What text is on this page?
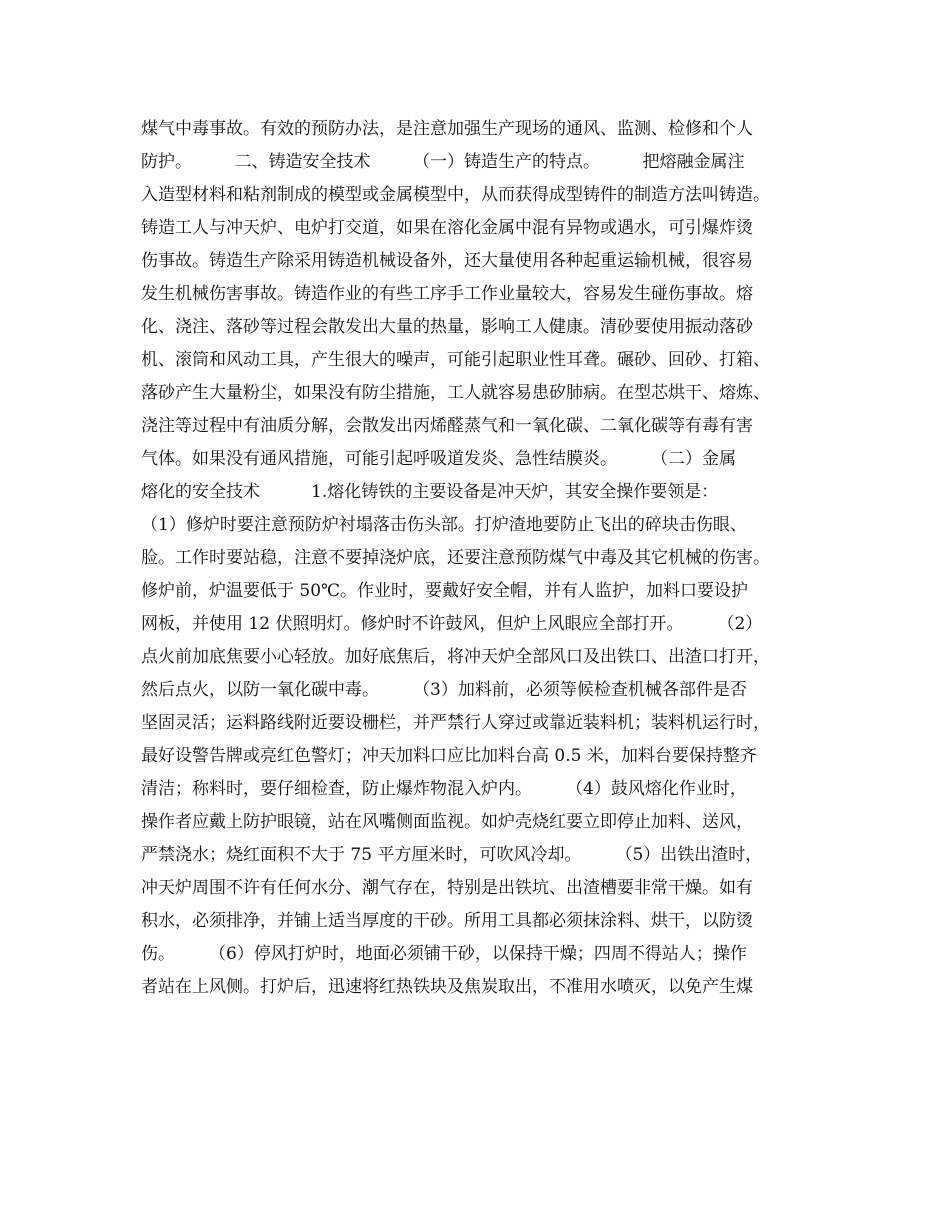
煤气中毒事故。有效的预防办法，是注意加强生产现场的通风、监测、检修和个人
防护。　　　二、铸造安全技术　　　（一）铸造生产的特点。　　　把熔融金属注
入造型材料和粘剂制成的模型或金属模型中，从而获得成型铸件的制造方法叫铸造。
铸造工人与冲天炉、电炉打交道，如果在溶化金属中混有异物或遇水，可引爆炸烫
伤事故。铸造生产除采用铸造机械设备外，还大量使用各种起重运输机械，很容易
发生机械伤害事故。铸造作业的有些工序手工作业量较大，容易发生碰伤事故。熔
化、浇注、落砂等过程会散发出大量的热量，影响工人健康。清砂要使用振动落砂
机、滚筒和风动工具，产生很大的噪声，可能引起职业性耳聋。碾砂、回砂、打箱、
落砂产生大量粉尘，如果没有防尘措施，工人就容易患矽肺病。在型芯烘干、熔炼、
浇注等过程中有油质分解，会散发出丙烯醛蒸气和一氧化碳、二氧化碳等有毒有害
气体。如果没有通风措施，可能引起呼吸道发炎、急性结膜炎。　　　（二）金属
熔化的安全技术　　　1.熔化铸铁的主要设备是冲天炉，其安全操作要领是：
（1）修炉时要注意预防炉衬塌落击伤头部。打炉渣地要防止飞出的碎块击伤眼、
脸。工作时要站稳，注意不要掉浇炉底，还要注意预防煤气中毒及其它机械的伤害。
修炉前，炉温要低于 50℃。作业时，要戴好安全帽，并有人监护，加料口要设护
网板，并使用 12 伏照明灯。修炉时不许鼓风，但炉上风眼应全部打开。　　　（2）
点火前加底焦要小心轻放。加好底焦后，将冲天炉全部风口及出铁口、出渣口打开，
然后点火，以防一氧化碳中毒。　　　（3）加料前，必须等候检查机械各部件是否
坚固灵活；运料路线附近要设栅栏，并严禁行人穿过或靠近装料机；装料机运行时，
最好设警告牌或亮红色警灯；冲天加料口应比加料台高 0.5 米，加料台要保持整齐
清洁；称料时，要仔细检查，防止爆炸物混入炉内。　　　（4）鼓风熔化作业时，
操作者应戴上防护眼镜，站在风嘴侧面监视。如炉壳烧红要立即停止加料、送风，
严禁浇水；烧红面积不大于 75 平方厘米时，可吹风冷却。　　　（5）出铁出渣时，
冲天炉周围不许有任何水分、潮气存在，特别是出铁坑、出渣槽要非常干燥。如有
积水，必须排净，并铺上适当厚度的干砂。所用工具都必须抹涂料、烘干，以防烫
伤。　　　（6）停风打炉时，地面必须铺干砂，以保持干燥；四周不得站人；操作
者站在上风侧。打炉后，迅速将红热铁块及焦炭取出，不准用水喷灭，以免产生煤
